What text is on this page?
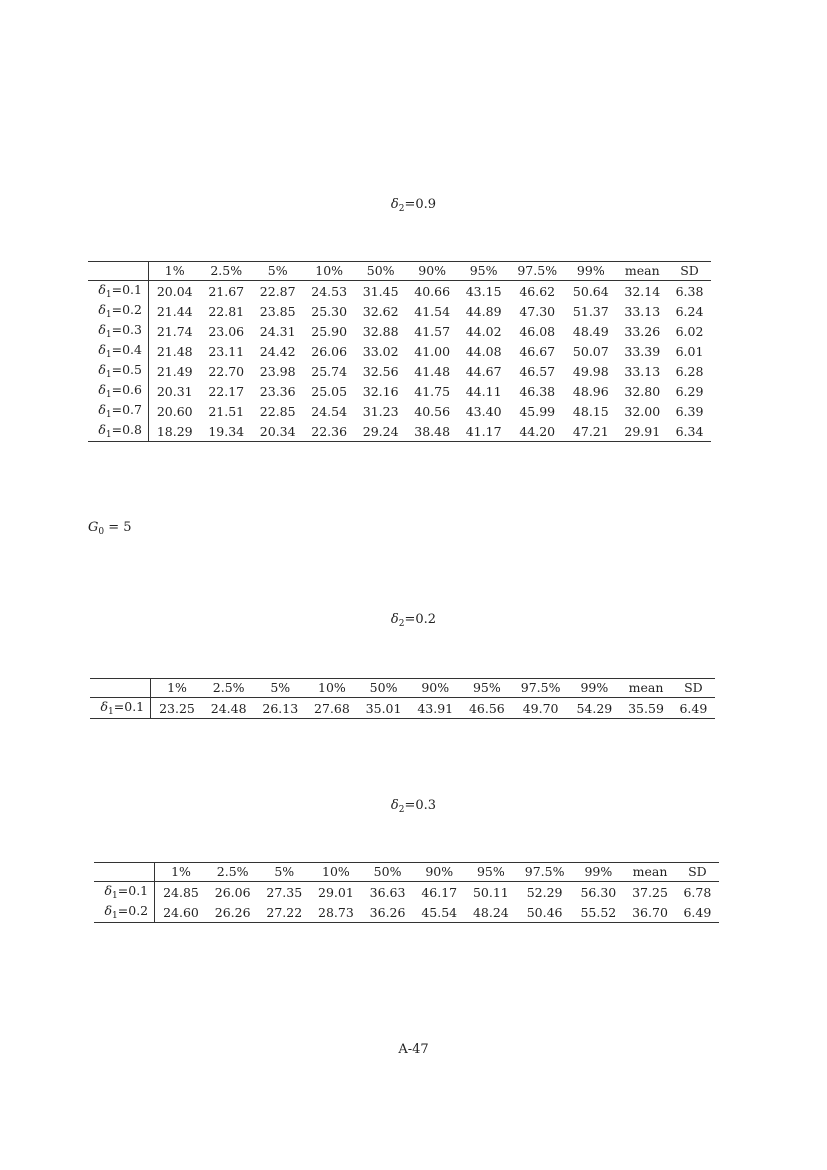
$\delta_2=0.9$
	1%	2.5%	5%	10%	50%	90%	95%	97.5%	99%	mean	SD
$\delta_1=0.1$	20.04	21.67	22.87	24.53	31.45	40.66	43.15	46.62	50.64	32.14	6.38
$\delta_1=0.2$	21.44	22.81	23.85	25.30	32.62	41.54	44.89	47.30	51.37	33.13	6.24
$\delta_1=0.3$	21.74	23.06	24.31	25.90	32.88	41.57	44.02	46.08	48.49	33.26	6.02
$\delta_1=0.4$	21.48	23.11	24.42	26.06	33.02	41.00	44.08	46.67	50.07	33.39	6.01
$\delta_1=0.5$	21.49	22.70	23.98	25.74	32.56	41.48	44.67	46.57	49.98	33.13	6.28
$\delta_1=0.6$	20.31	22.17	23.36	25.05	32.16	41.75	44.11	46.38	48.96	32.80	6.29
$\delta_1=0.7$	20.60	21.51	22.85	24.54	31.23	40.56	43.40	45.99	48.15	32.00	6.39
$\delta_1=0.8$	18.29	19.34	20.34	22.36	29.24	38.48	41.17	44.20	47.21	29.91	6.34
$G_0 = 5$
$\delta_2=0.2$
	1%	2.5%	5%	10%	50%	90%	95%	97.5%	99%	mean	SD
$\delta_1=0.1$	23.25	24.48	26.13	27.68	35.01	43.91	46.56	49.70	54.29	35.59	6.49
$\delta_2=0.3$
	1%	2.5%	5%	10%	50%	90%	95%	97.5%	99%	mean	SD
$\delta_1=0.1$	24.85	26.06	27.35	29.01	36.63	46.17	50.11	52.29	56.30	37.25	6.78
$\delta_1=0.2$	24.60	26.26	27.22	28.73	36.26	45.54	48.24	50.46	55.52	36.70	6.49
A-47
